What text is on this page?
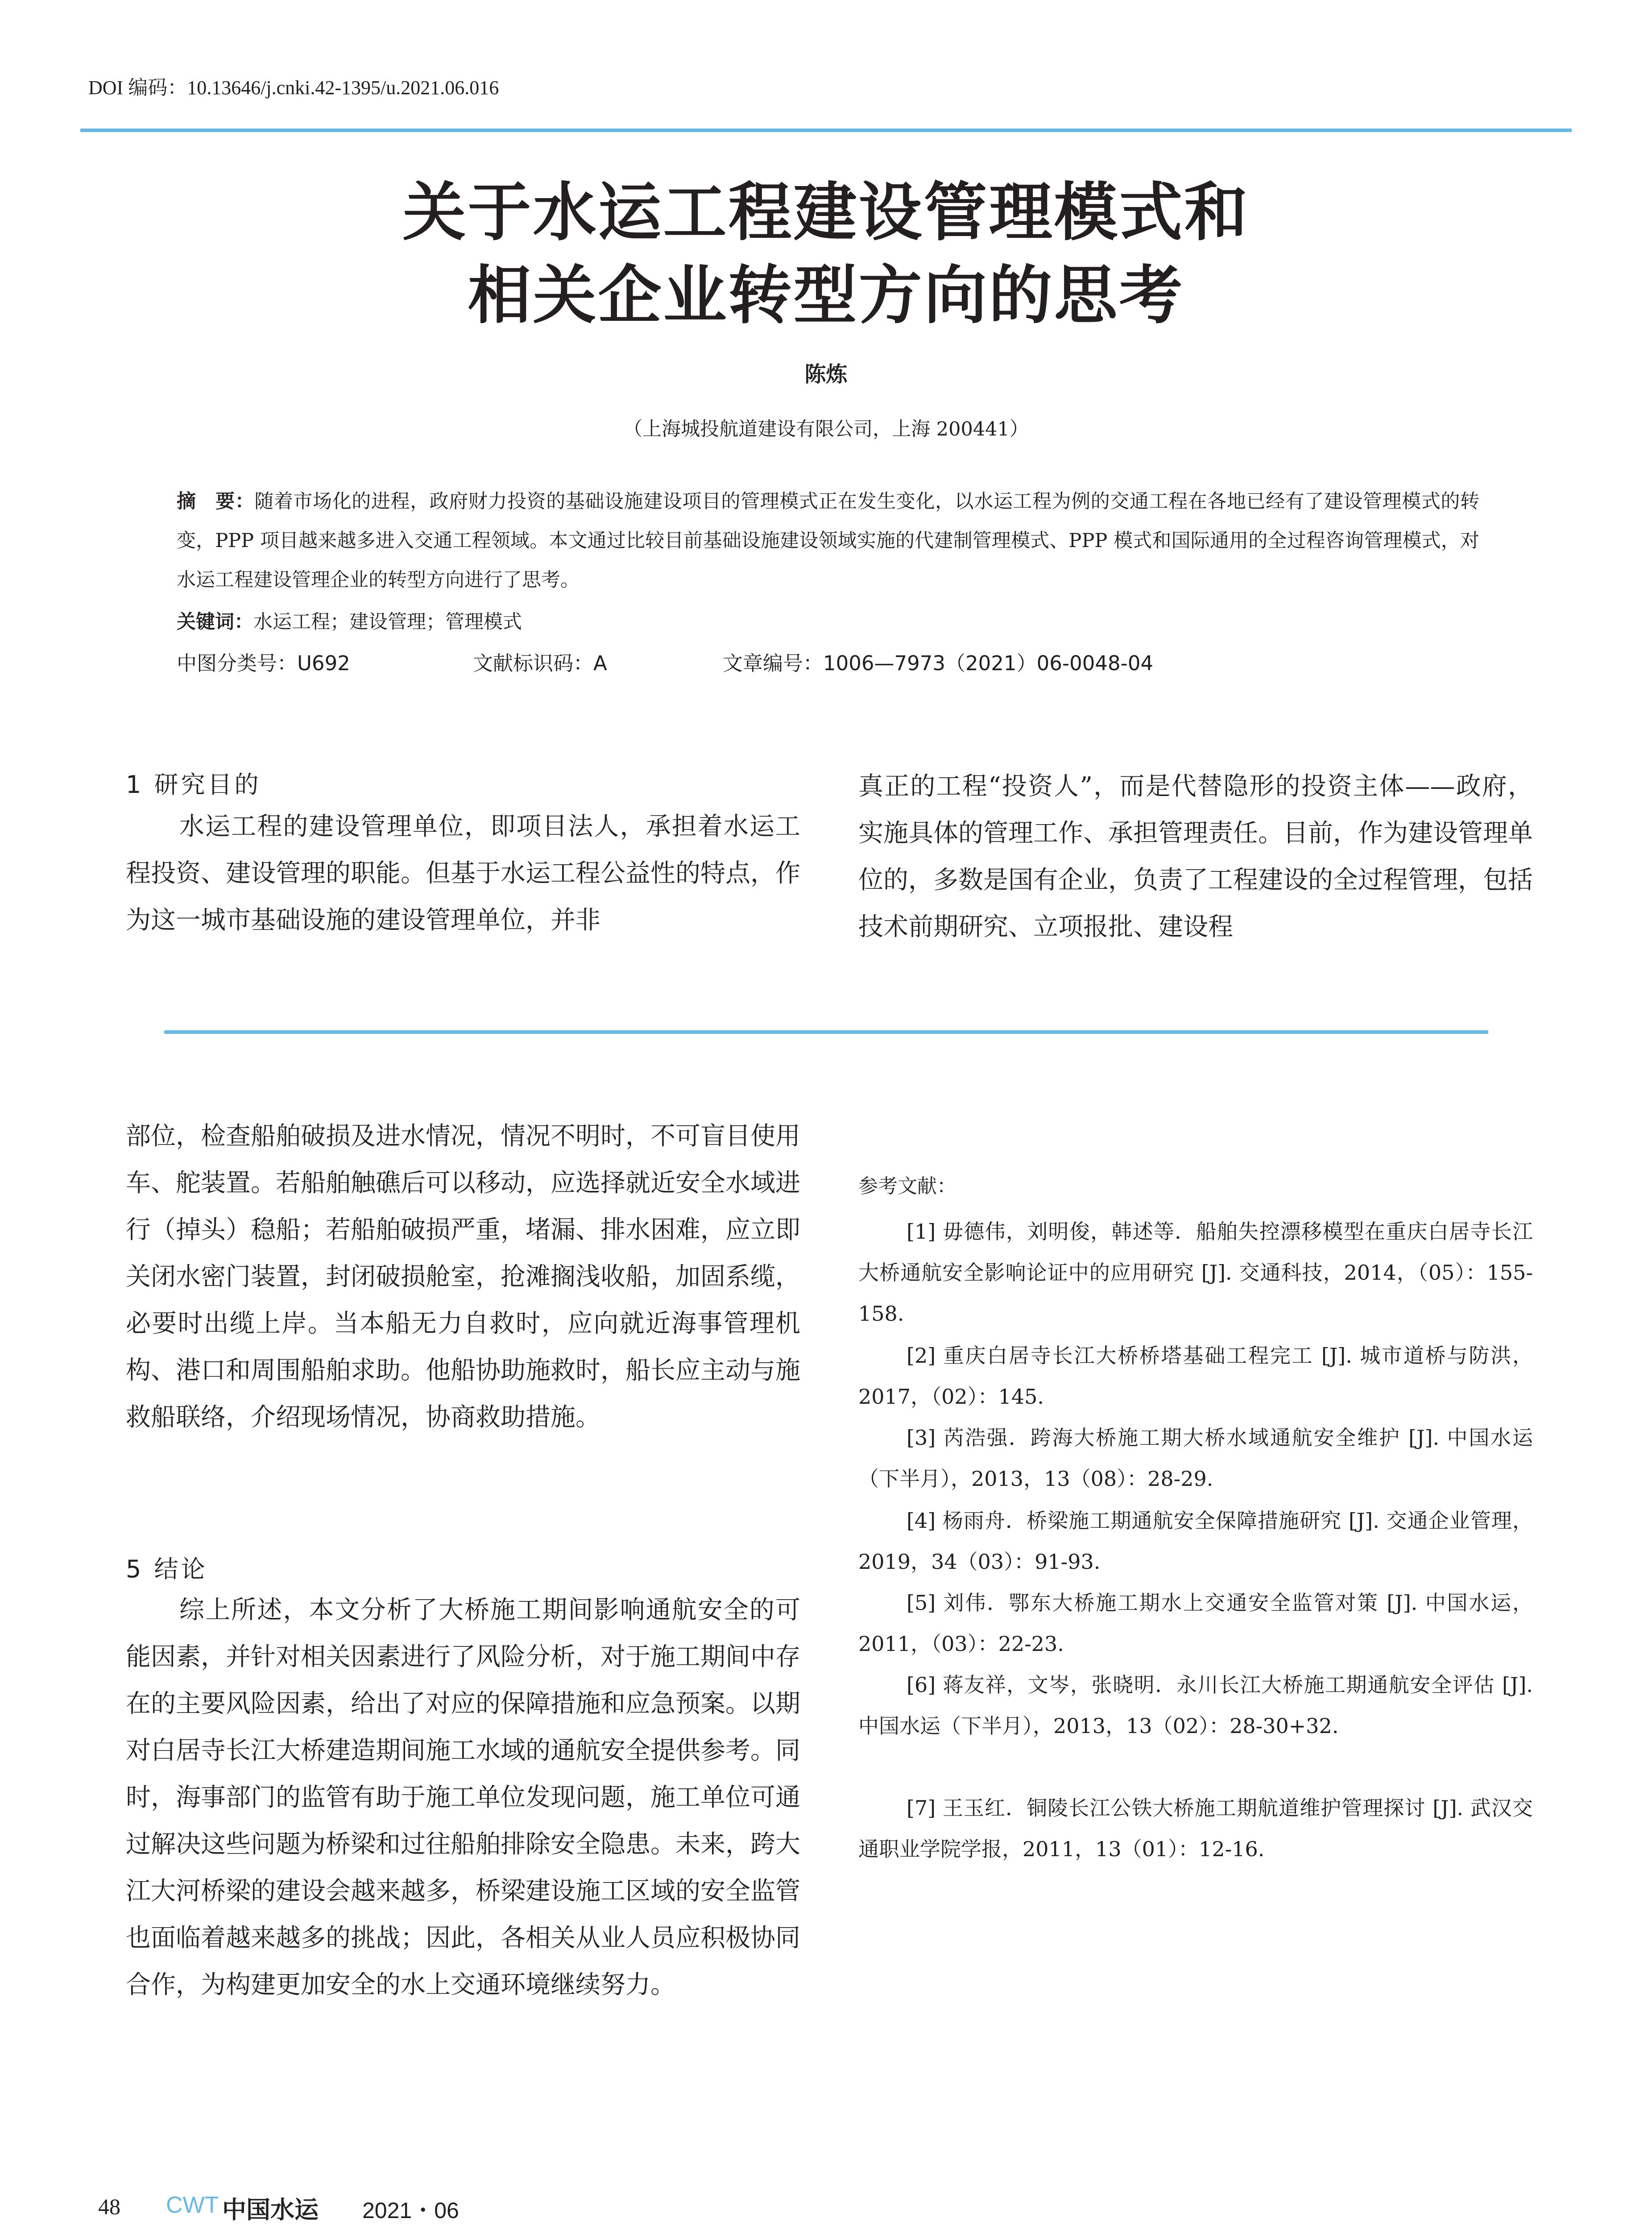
DOI 编码：10.13646/j.cnki.42-1395/u.2021.06.016
关于水运工程建设管理模式和
相关企业转型方向的思考
陈炼
（上海城投航道建设有限公司，上海 200441）
摘　要：随着市场化的进程，政府财力投资的基础设施建设项目的管理模式正在发生变化，以水运工程为例的交通工程在各地已经有了建设管理模式的转变，PPP 项目越来越多进入交通工程领域。本文通过比较目前基础设施建设领域实施的代建制管理模式、PPP 模式和国际通用的全过程咨询管理模式，对水运工程建设管理企业的转型方向进行了思考。
关键词：水运工程；建设管理；管理模式
中图分类号：U692	文献标识码：A	文章编号：1006—7973（2021）06-0048-04
1 研究目的
水运工程的建设管理单位，即项目法人，承担着水运工程投资、建设管理的职能。但基于水运工程公益性的特点，作为这一城市基础设施的建设管理单位，并非
真正的工程“投资人”，而是代替隐形的投资主体——政府，实施具体的管理工作、承担管理责任。目前，作为建设管理单位的，多数是国有企业，负责了工程建设的全过程管理，包括技术前期研究、立项报批、建设程
部位，检查船舶破损及进水情况，情况不明时，不可盲目使用车、舵装置。若船舶触礁后可以移动，应选择就近安全水域进行（掉头）稳船；若船舶破损严重，堵漏、排水困难，应立即关闭水密门装置，封闭破损舱室，抢滩搁浅收船，加固系缆，必要时出缆上岸。当本船无力自救时，应向就近海事管理机构、港口和周围船舶求助。他船协助施救时，船长应主动与施救船联络，介绍现场情况，协商救助措施。
5 结论
综上所述，本文分析了大桥施工期间影响通航安全的可能因素，并针对相关因素进行了风险分析，对于施工期间中存在的主要风险因素，给出了对应的保障措施和应急预案。以期对白居寺长江大桥建造期间施工水域的通航安全提供参考。同时，海事部门的监管有助于施工单位发现问题，施工单位可通过解决这些问题为桥梁和过往船舶排除安全隐患。未来，跨大江大河桥梁的建设会越来越多，桥梁建设施工区域的安全监管也面临着越来越多的挑战；因此，各相关从业人员应积极协同合作，为构建更加安全的水上交通环境继续努力。
参考文献：
[1] 毋德伟，刘明俊，韩述等．船舶失控漂移模型在重庆白居寺长江大桥通航安全影响论证中的应用研究 [J]. 交通科技，2014，（05）：155-158.
[2] 重庆白居寺长江大桥桥塔基础工程完工 [J]. 城市道桥与防洪，2017，（02）：145.
[3] 芮浩强．跨海大桥施工期大桥水域通航安全维护 [J]. 中国水运（下半月），2013，13（08）：28-29.
[4] 杨雨舟．桥梁施工期通航安全保障措施研究 [J]. 交通企业管理，2019，34（03）：91-93.
[5] 刘伟．鄂东大桥施工期水上交通安全监管对策 [J]. 中国水运，2011，（03）：22-23.
[6] 蒋友祥，文岑，张晓明．永川长江大桥施工期通航安全评估 [J]. 中国水运（下半月），2013，13（02）：28-30+32.
[7] 王玉红．铜陵长江公铁大桥施工期航道维护管理探讨 [J]. 武汉交通职业学院学报，2011，13（01）：12-16.
48 CWT 中国水运 2021・06
